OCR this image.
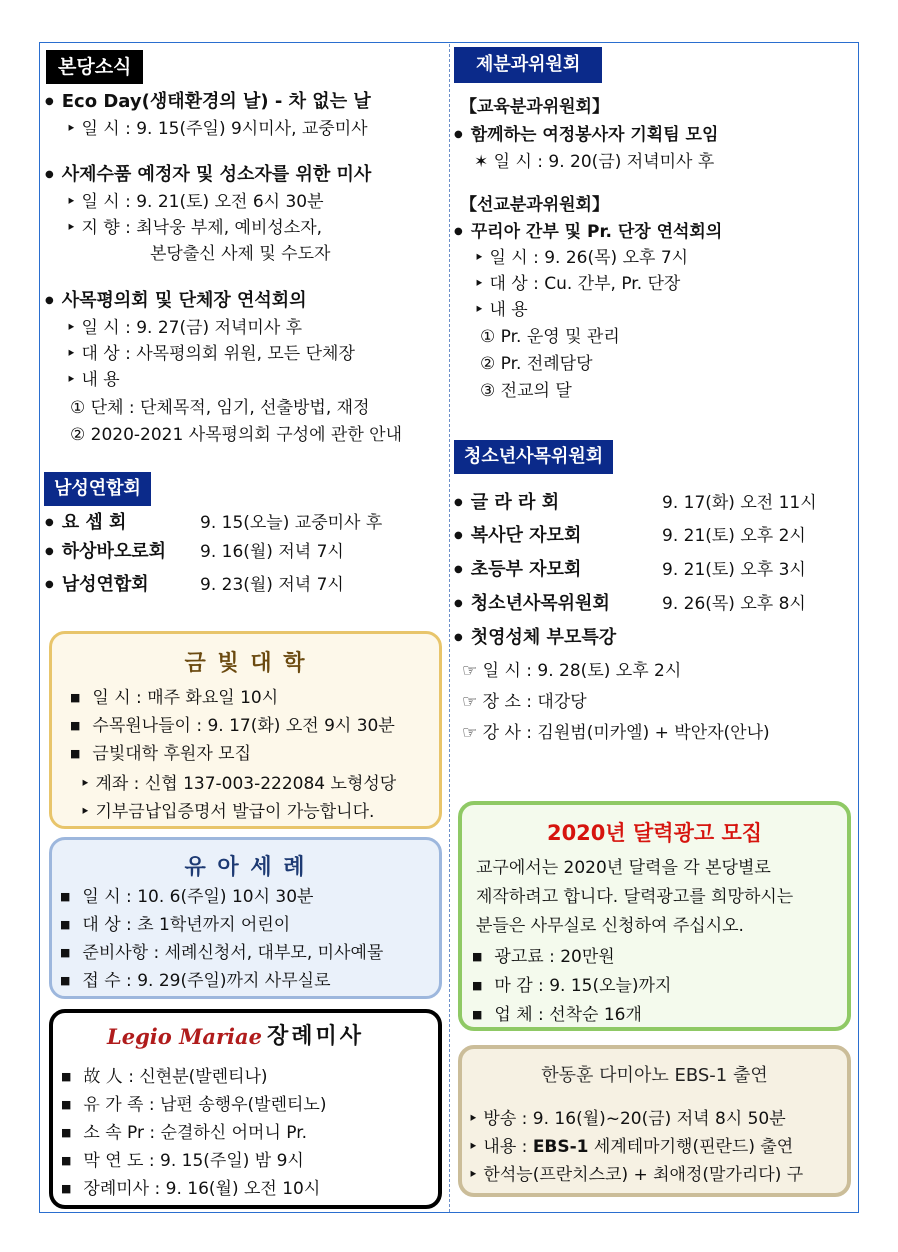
본당소식
● Eco Day(생태환경의 날) - 차 없는 날
‣ 일 시 : 9. 15(주일) 9시미사, 교중미사
● 사제수품 예정자 및 성소자를 위한 미사
‣ 일 시 : 9. 21(토) 오전 6시 30분
‣ 지 향 : 최낙웅 부제, 예비성소자,
본당출신 사제 및 수도자
● 사목평의회 및 단체장 연석회의
‣ 일 시 : 9. 27(금) 저녁미사 후
‣ 대 상 : 사목평의회 위원, 모든 단체장
‣ 내 용
① 단체 : 단체목적, 임기, 선출방법, 재정
② 2020-2021 사목평의회 구성에 관한 안내
남성연합회
● 요 셉 회	9. 15(오늘) 교중미사 후
● 하상바오로회 9. 16(월) 저녁 7시
● 남성연합회	9. 23(월) 저녁 7시
금 빛 대 학
■ 일 시 : 매주 화요일 10시
■ 수목원나들이 : 9. 17(화) 오전 9시 30분
■ 금빛대학 후원자 모집
‣ 계좌 : 신협 137-003-222084 노형성당
‣ 기부금납입증명서 발급이 가능합니다.
유 아 세 례
■ 일 시 : 10. 6(주일) 10시 30분
■ 대 상 : 초 1학년까지 어린이
■ 준비사항 : 세례신청서, 대부모, 미사예물
■ 접 수 : 9. 29(주일)까지 사무실로
Legio Mariae 장례미사
■ 故 人 : 신현분(발렌티나)
■ 유 가 족 : 남편 송행우(발렌티노)
■ 소 속 Pr : 순결하신 어머니 Pr.
■ 막 연 도 : 9. 15(주일) 밤 9시
■ 장례미사 : 9. 16(월) 오전 10시
제분과위원회
【교육분과위원회】
● 함께하는 여정봉사자 기획팀 모임
✶ 일 시 : 9. 20(금) 저녁미사 후
【선교분과위원회】
● 꾸리아 간부 및 Pr. 단장 연석회의
‣ 일 시 : 9. 26(목) 오후 7시
‣ 대 상 : Cu. 간부, Pr. 단장
‣ 내 용
① Pr. 운영 및 관리
② Pr. 전례담당
③ 전교의 달
청소년사목위원회
● 글 라 라 회	9. 17(화) 오전 11시
● 복사단 자모회	9. 21(토) 오후 2시
● 초등부 자모회	9. 21(토) 오후 3시
● 청소년사목위원회	9. 26(목) 오후 8시
● 첫영성체 부모특강
☞ 일 시 : 9. 28(토) 오후 2시
☞ 장 소 : 대강당
☞ 강 사 : 김원범(미카엘) + 박안자(안나)
2020년 달력광고 모집
교구에서는 2020년 달력을 각 본당별로
제작하려고 합니다. 달력광고를 희망하시는
분들은 사무실로 신청하여 주십시오.
■ 광고료 : 20만원
■ 마 감 : 9. 15(오늘)까지
■ 업 체 : 선착순 16개
한동훈 다미아노 EBS-1 출연
‣ 방송 : 9. 16(월)~20(금) 저녁 8시 50분
‣ 내용 : EBS-1 세계테마기행(핀란드) 출연
‣ 한석능(프란치스코) + 최애정(말가리다) 구
